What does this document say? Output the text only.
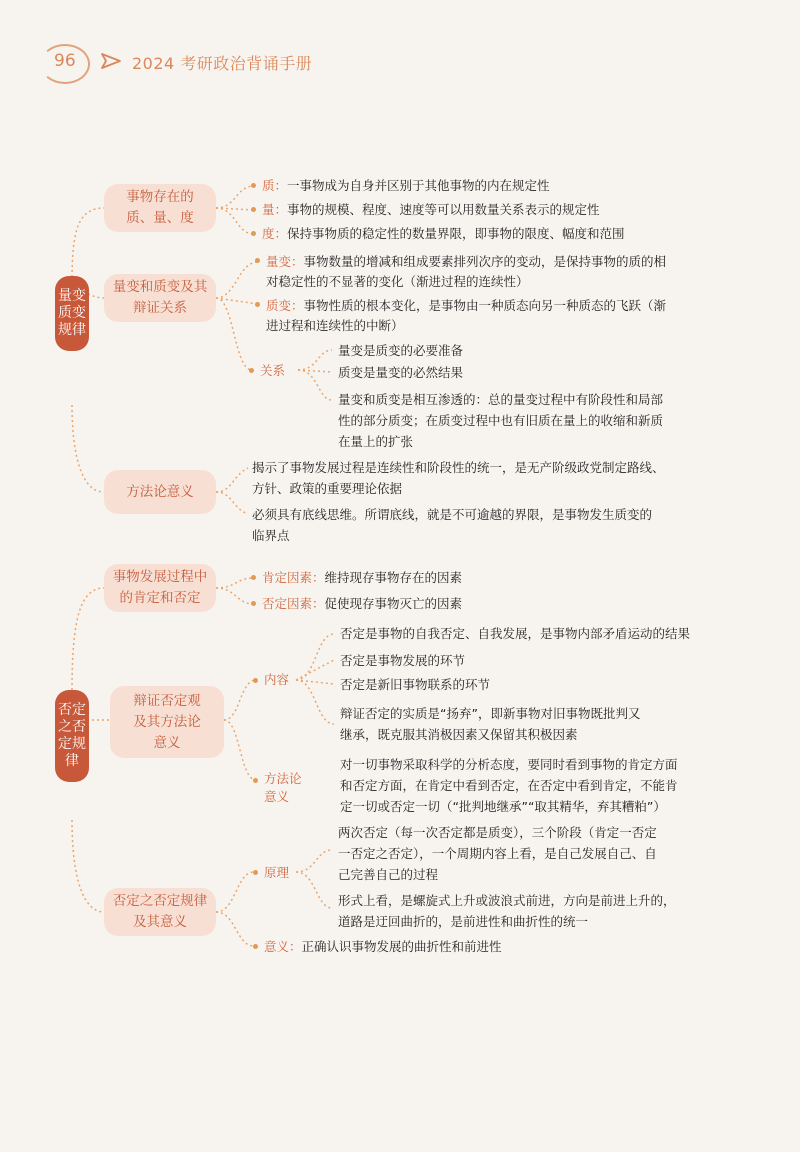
96	2024 考研政治背诵手册
量变质变规律
事物存在的质、量、度
质：一事物成为自身并区别于其他事物的内在规定性
量：事物的规模、程度、速度等可以用数量关系表示的规定性
度：保持事物质的稳定性的数量界限，即事物的限度、幅度和范围
量变和质变及其辩证关系
量变：事物数量的增减和组成要素排列次序的变动，是保持事物的质的相
对稳定性的不显著的变化（渐进过程的连续性）
质变：事物性质的根本变化，是事物由一种质态向另一种质态的飞跃（渐
进过程和连续性的中断）
关系
量变是质变的必要准备
质变是量变的必然结果
量变和质变是相互渗透的：总的量变过程中有阶段性和局部
性的部分质变；在质变过程中也有旧质在量上的收缩和新质
在量上的扩张
方法论意义
揭示了事物发展过程是连续性和阶段性的统一，是无产阶级政党制定路线、
方针、政策的重要理论依据
必须具有底线思维。所谓底线，就是不可逾越的界限，是事物发生质变的
临界点
否定之否定规律
事物发展过程中的肯定和否定
肯定因素：维持现存事物存在的因素
否定因素：促使现存事物灭亡的因素
辩证否定观及其方法论意义
内容
否定是事物的自我否定、自我发展，是事物内部矛盾运动的结果
否定是事物发展的环节
否定是新旧事物联系的环节
辩证否定的实质是“扬弃”，即新事物对旧事物既批判又
继承，既克服其消极因素又保留其积极因素
方法论意义
对一切事物采取科学的分析态度，要同时看到事物的肯定方面
和否定方面，在肯定中看到否定，在否定中看到肯定，不能肯
定一切或否定一切（“批判地继承”“取其精华，弃其糟粕”）
否定之否定规律及其意义
原理
两次否定（每一次否定都是质变），三个阶段（肯定一否定
一否定之否定），一个周期内容上看，是自己发展自己、自
己完善自己的过程
形式上看，是螺旋式上升或波浪式前进，方向是前进上升的，
道路是迂回曲折的，是前进性和曲折性的统一
意义：正确认识事物发展的曲折性和前进性
